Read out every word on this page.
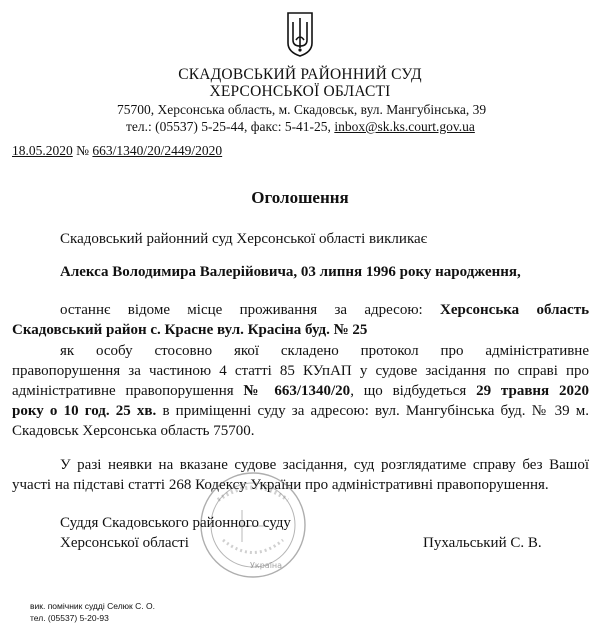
СКАДОВСЬКИЙ РАЙОННИЙ СУД
ХЕРСОНСЬКОЇ ОБЛАСТІ
75700, Херсонська область, м. Скадовськ, вул. Мангубінська, 39
тел.: (05537) 5-25-44, факс: 5-41-25, inbox@sk.ks.court.gov.ua
18.05.2020 № 663/1340/20/2449/2020
Оголошення
Скадовський районний суд Херсонської області викликає
Алекса Володимира Валерійовича, 03 липня 1996 року народження,
останнє відоме місце проживання за адресою: Херсонська область
Скадовський район с. Красне вул. Красіна буд. № 25
як особу стосовно якої складено протокол про адміністративне
правопорушення за частиною 4 статті 85 КУпАП у судове засідання по справі про
адміністративне правопорушення № 663/1340/20, що відбудеться 29 травня 2020
року о 10 год. 25 хв. в приміщенні суду за адресою: вул. Мангубінська буд. № 39 м.
Скадовськ Херсонська область 75700.
У разі неявки на вказане судове засідання, суд розглядатиме справу без Вашої
участі на підставі статті 268 Кодексу України про адміністративні правопорушення.
Україна
Суддя Скадовського районного суду
Херсонської області	Пухальський С. В.
вик. помічник судді Селюк С. О.
тел. (05537) 5-20-93
